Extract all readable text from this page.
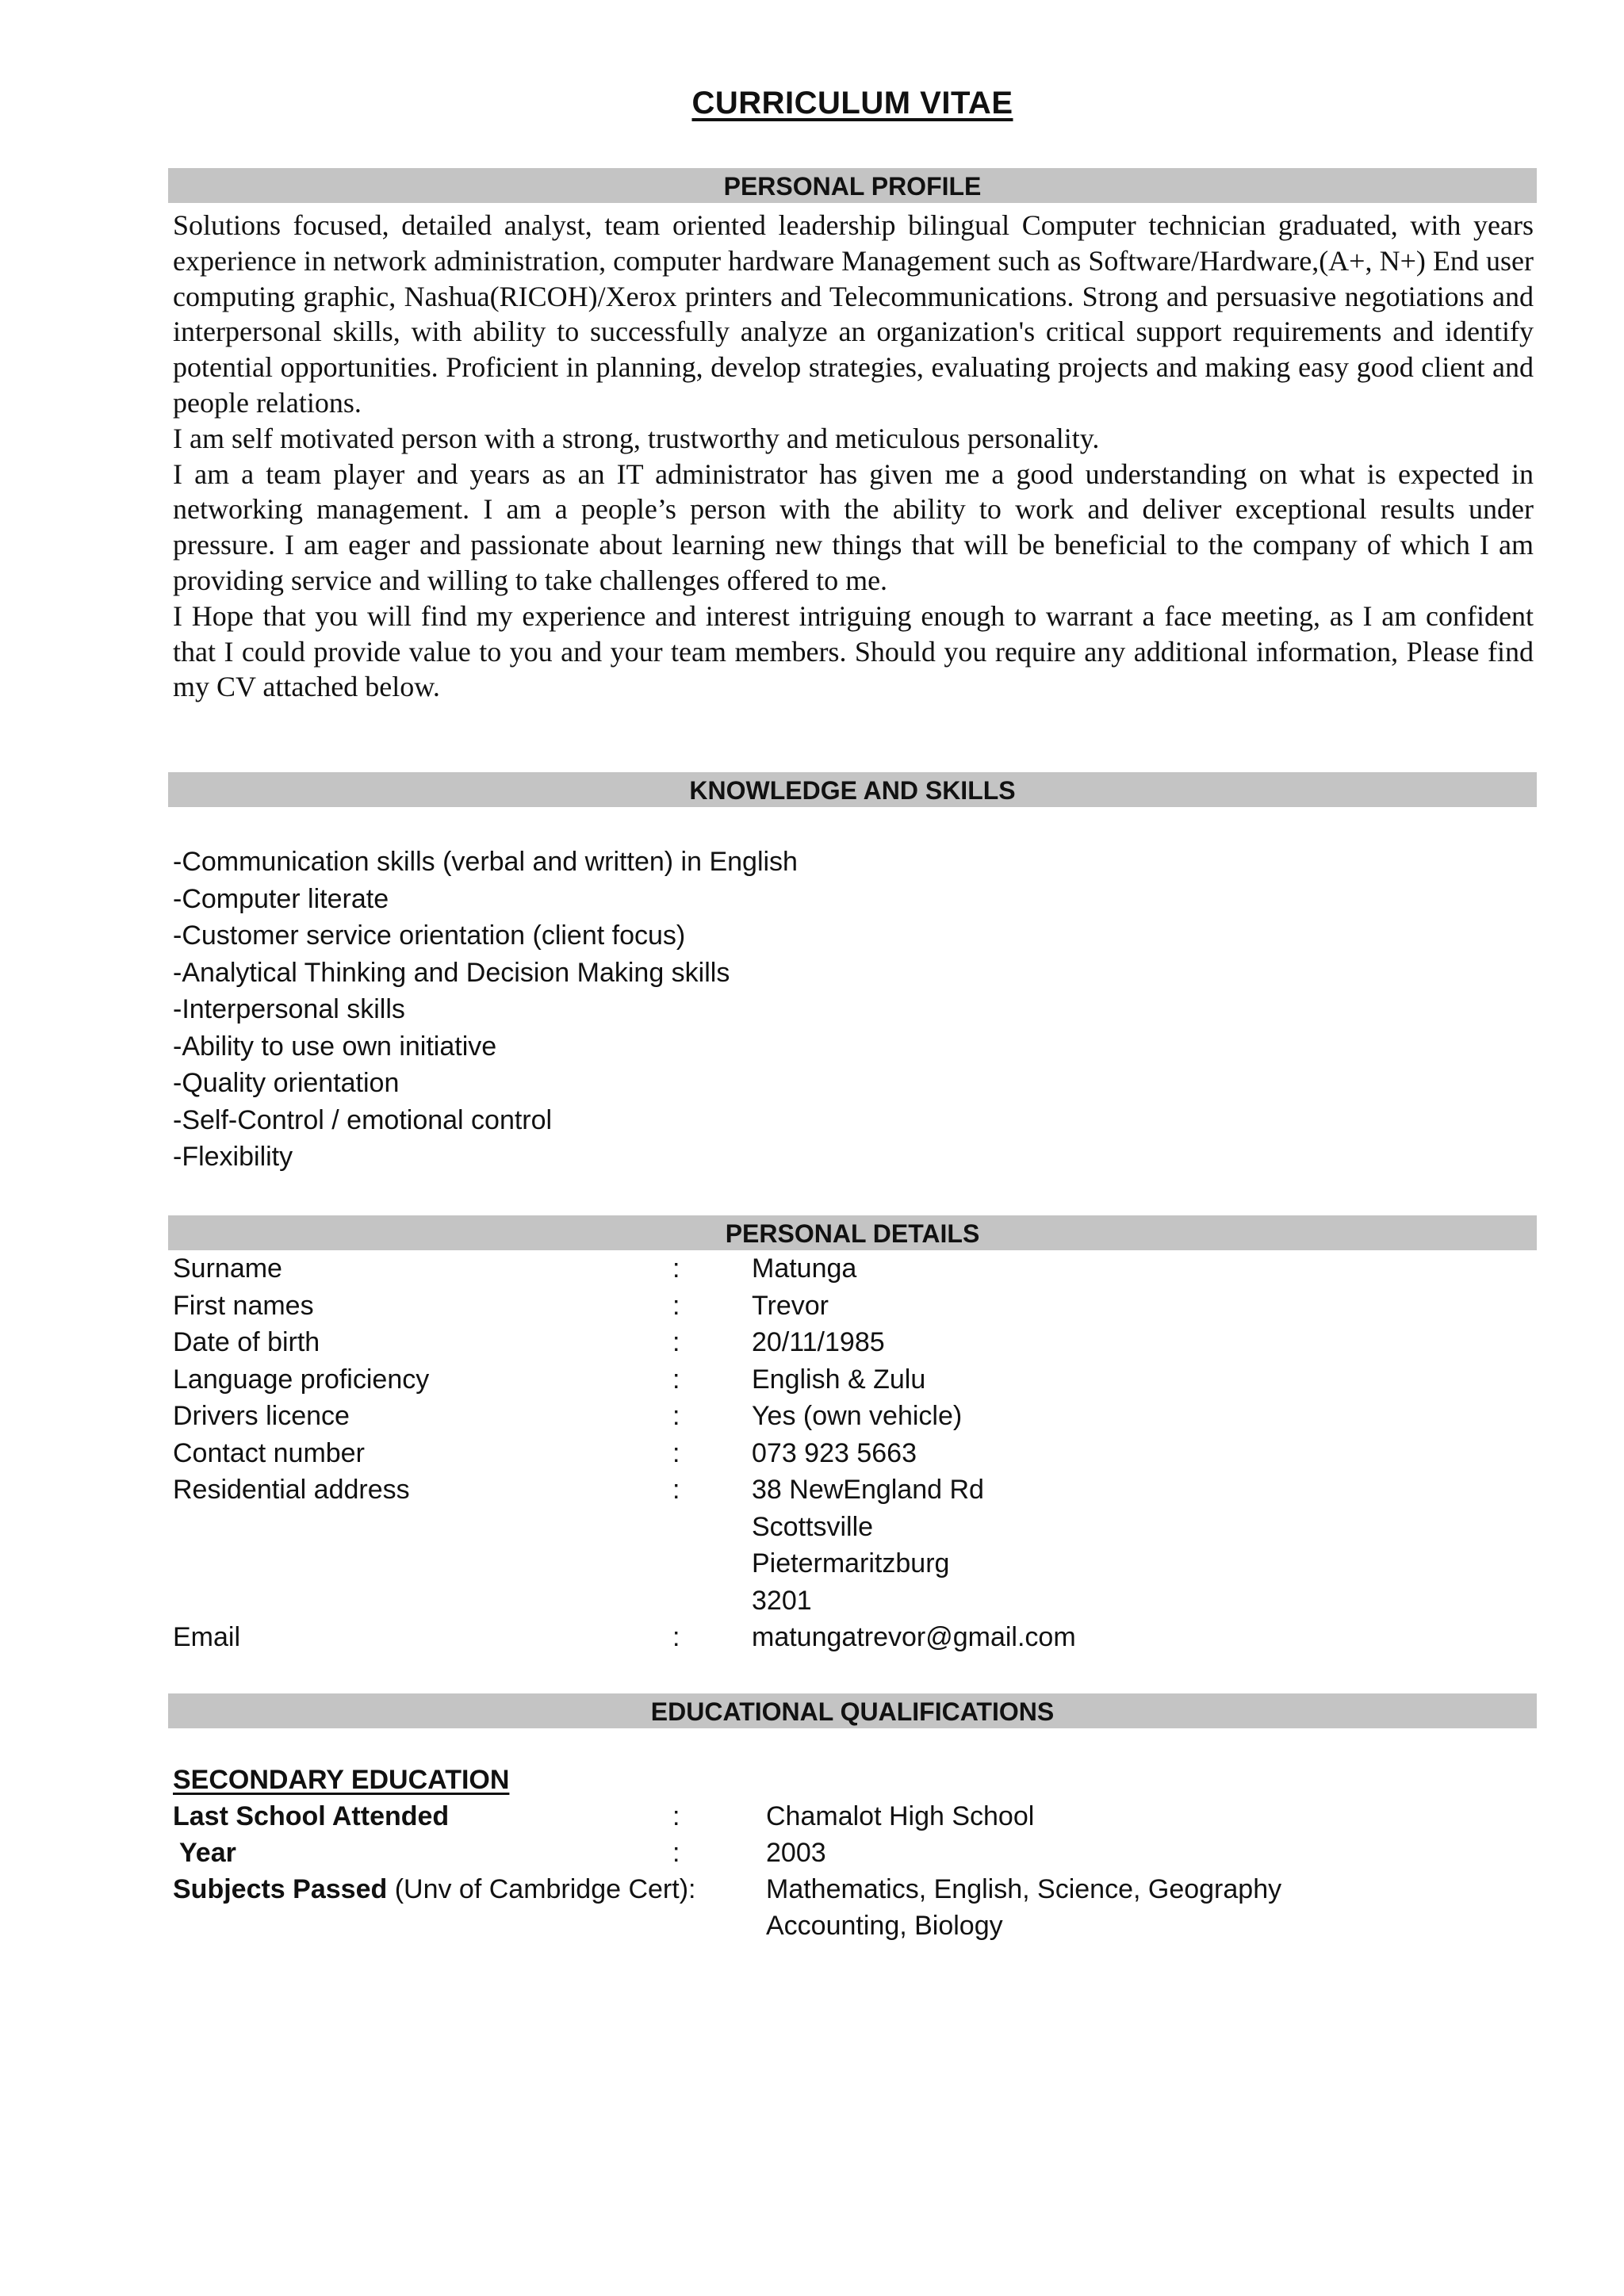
CURRICULUM VITAE
PERSONAL PROFILE

Solutions focused, detailed analyst, team oriented leadership bilingual Computer technician graduated, with years experience in network administration, computer hardware Management such as Software/Hardware,(A+, N+) End user computing graphic, Nashua(RICOH)/Xerox printers and Telecommunications. Strong and persuasive negotiations and interpersonal skills, with ability to successfully analyze an organization's critical support requirements and identify potential opportunities. Proficient in planning, develop strategies, evaluating projects and making easy good client and people relations.

I am self motivated person with a strong, trustworthy and meticulous personality.

I am a team player and years as an IT administrator has given me a good understanding on what is expected in networking management. I am a people’s person with the ability to work and deliver exceptional results under pressure. I am eager and passionate about learning new things that will be beneficial to the company of which I am providing service and willing to take challenges offered to me.

I Hope that you will find my experience and interest intriguing enough to warrant a face meeting, as I am confident that I could provide value to you and your team members. Should you require any additional information, Please find my CV attached below.

KNOWLEDGE AND SKILLS
-Communication skills (verbal and written) in English
-Computer literate
-Customer service orientation (client focus)
-Analytical Thinking and Decision Making skills
-Interpersonal skills
-Ability to use own initiative
-Quality orientation
-Self-Control / emotional control
-Flexibility
PERSONAL DETAILS
Surname	:	Matunga
First names	:	Trevor
Date of birth	:	20/11/1985
Language proficiency	:	English & Zulu
Drivers licence	:	Yes (own vehicle)
Contact number	:	073 923 5663
Residential address	:	38 NewEngland Rd
Scottsville
Pietermaritzburg
3201
Email	:	matungatrevor@gmail.com
EDUCATIONAL QUALIFICATIONS
SECONDARY EDUCATION
Last School Attended	:	Chamalot High School
Year	:	2003
Subjects Passed (Unv of Cambridge Cert):	Mathematics, English, Science, Geography
Accounting, Biology
